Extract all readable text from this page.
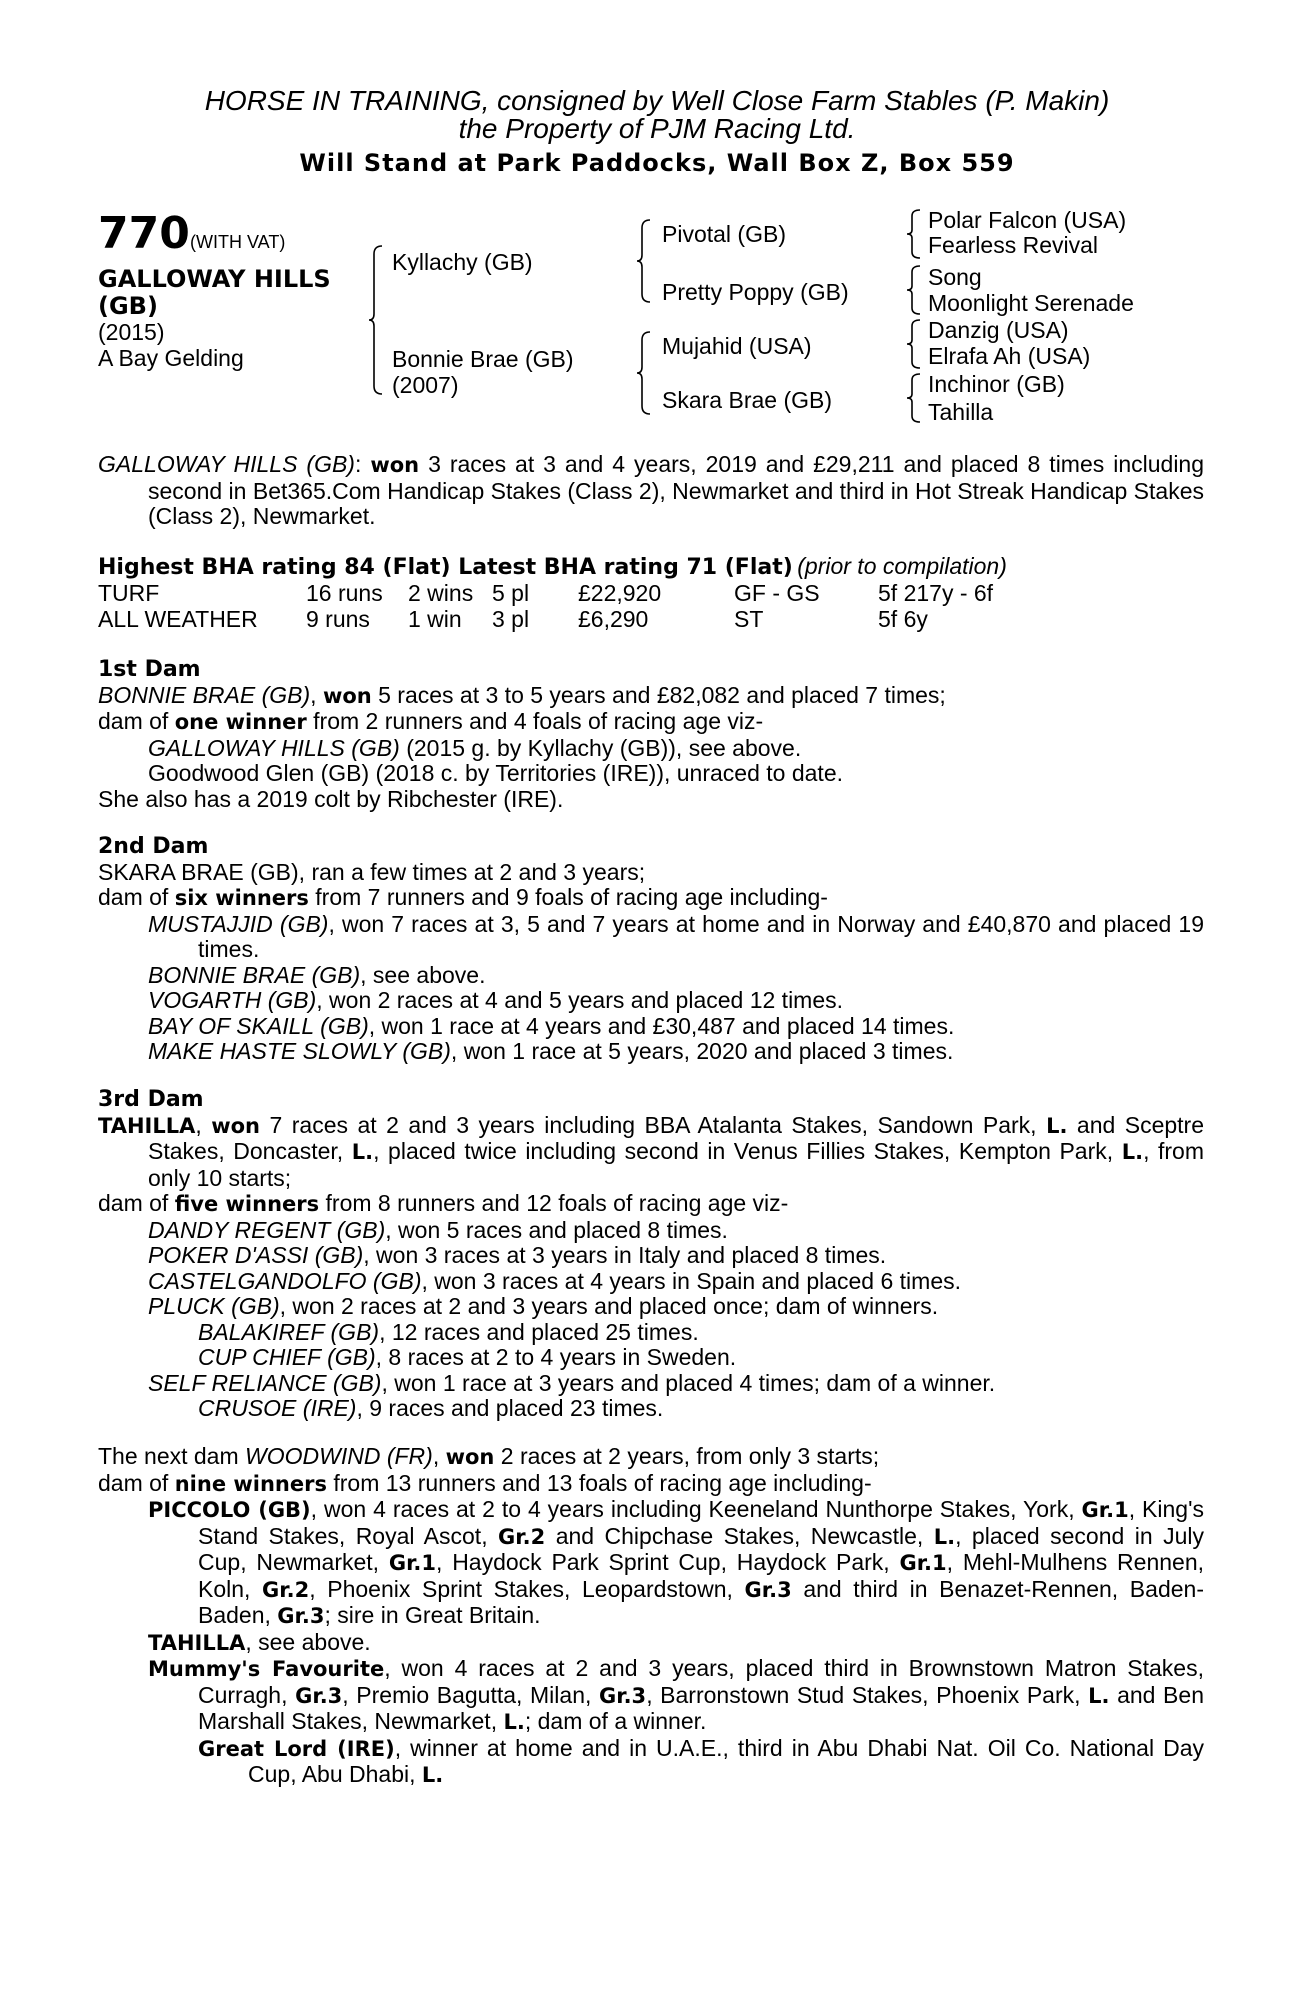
HORSE IN TRAINING, consigned by Well Close Farm Stables (P. Makin)
the Property of PJM Racing Ltd.
Will Stand at Park Paddocks, Wall Box Z, Box 559
770 (WITH VAT)
GALLOWAY HILLS
(GB)
(2015)
A Bay Gelding
Kyllachy (GB)
Bonnie Brae (GB)
(2007)
Pivotal (GB)
Pretty Poppy (GB)
Mujahid (USA)
Skara Brae (GB)
Polar Falcon (USA)
Fearless Revival
Song
Moonlight Serenade
Danzig (USA)
Elrafa Ah (USA)
Inchinor (GB)
Tahilla
GALLOWAY HILLS (GB): won 3 races at 3 and 4 years, 2019 and £29,211 and placed 8 times including second in Bet365.Com Handicap Stakes (Class 2), Newmarket and third in Hot Streak Handicap Stakes (Class 2), Newmarket.
Highest BHA rating 84 (Flat) Latest BHA rating 71 (Flat) (prior to compilation)
TURF	16 runs 2 wins 5 pl £22,920	GF - GS	5f 217y - 6f
ALL WEATHER 9 runs 1 win 3 pl £6,290	ST	5f 6y
1st Dam
BONNIE BRAE (GB), won 5 races at 3 to 5 years and £82,082 and placed 7 times;
dam of one winner from 2 runners and 4 foals of racing age viz-
GALLOWAY HILLS (GB) (2015 g. by Kyllachy (GB)), see above.
Goodwood Glen (GB) (2018 c. by Territories (IRE)), unraced to date.
She also has a 2019 colt by Ribchester (IRE).
2nd Dam
SKARA BRAE (GB), ran a few times at 2 and 3 years;
dam of six winners from 7 runners and 9 foals of racing age including-
MUSTAJJID (GB), won 7 races at 3, 5 and 7 years at home and in Norway and £40,870 and placed 19 times.
BONNIE BRAE (GB), see above.
VOGARTH (GB), won 2 races at 4 and 5 years and placed 12 times.
BAY OF SKAILL (GB), won 1 race at 4 years and £30,487 and placed 14 times.
MAKE HASTE SLOWLY (GB), won 1 race at 5 years, 2020 and placed 3 times.
3rd Dam
TAHILLA, won 7 races at 2 and 3 years including BBA Atalanta Stakes, Sandown Park, L. and Sceptre Stakes, Doncaster, L., placed twice including second in Venus Fillies Stakes, Kempton Park, L., from only 10 starts;
dam of five winners from 8 runners and 12 foals of racing age viz-
DANDY REGENT (GB), won 5 races and placed 8 times.
POKER D'ASSI (GB), won 3 races at 3 years in Italy and placed 8 times.
CASTELGANDOLFO (GB), won 3 races at 4 years in Spain and placed 6 times.
PLUCK (GB), won 2 races at 2 and 3 years and placed once; dam of winners.
BALAKIREF (GB), 12 races and placed 25 times.
CUP CHIEF (GB), 8 races at 2 to 4 years in Sweden.
SELF RELIANCE (GB), won 1 race at 3 years and placed 4 times; dam of a winner.
CRUSOE (IRE), 9 races and placed 23 times.
The next dam WOODWIND (FR), won 2 races at 2 years, from only 3 starts;
dam of nine winners from 13 runners and 13 foals of racing age including-
PICCOLO (GB), won 4 races at 2 to 4 years including Keeneland Nunthorpe Stakes, York, Gr.1, King's Stand Stakes, Royal Ascot, Gr.2 and Chipchase Stakes, Newcastle, L., placed second in July Cup, Newmarket, Gr.1, Haydock Park Sprint Cup, Haydock Park, Gr.1, Mehl-Mulhens Rennen, Koln, Gr.2, Phoenix Sprint Stakes, Leopardstown, Gr.3 and third in Benazet-Rennen, Baden-Baden, Gr.3; sire in Great Britain.
TAHILLA, see above.
Mummy's Favourite, won 4 races at 2 and 3 years, placed third in Brownstown Matron Stakes, Curragh, Gr.3, Premio Bagutta, Milan, Gr.3, Barronstown Stud Stakes, Phoenix Park, L. and Ben Marshall Stakes, Newmarket, L.; dam of a winner.
Great Lord (IRE), winner at home and in U.A.E., third in Abu Dhabi Nat. Oil Co. National Day Cup, Abu Dhabi, L.
